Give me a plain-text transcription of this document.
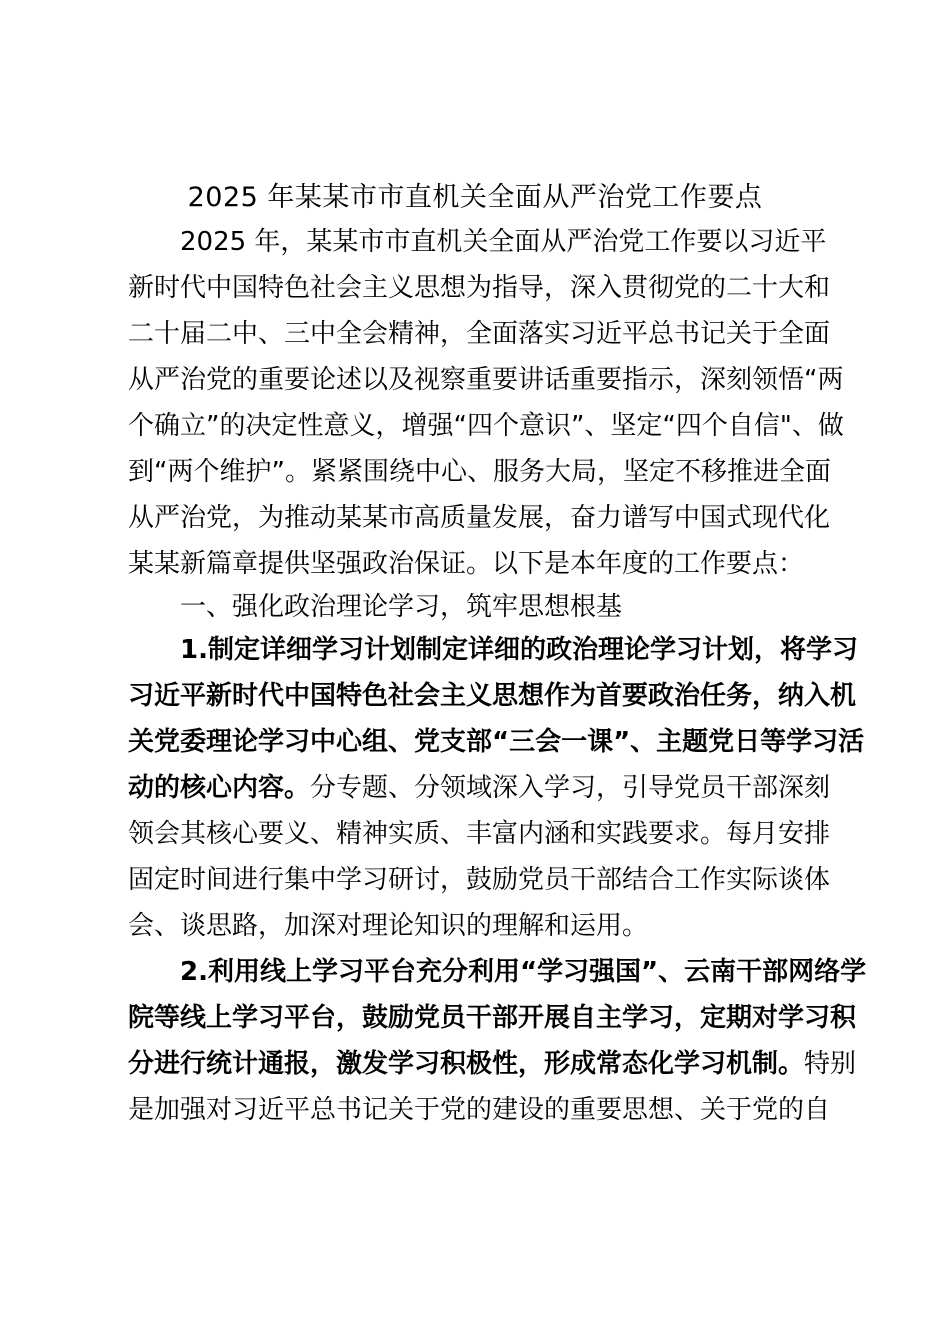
2025 年某某市市直机关全面从严治党工作要点
2025 年，某某市市直机关全面从严治党工作要以习近平
新时代中国特色社会主义思想为指导，深入贯彻党的二十大和
二十届二中、三中全会精神，全面落实习近平总书记关于全面
从严治党的重要论述以及视察重要讲话重要指示，深刻领悟“两
个确立”的决定性意义，增强“四个意识”、坚定“四个自信"、做
到“两个维护”。紧紧围绕中心、服务大局，坚定不移推进全面
从严治党，为推动某某市高质量发展，奋力谱写中国式现代化
某某新篇章提供坚强政治保证。以下是本年度的工作要点：
一、强化政治理论学习，筑牢思想根基
1.制定详细学习计划制定详细的政治理论学习计划，将学习
习近平新时代中国特色社会主义思想作为首要政治任务，纳入机
关党委理论学习中心组、党支部“三会一课”、主题党日等学习活
动的核心内容。分专题、分领域深入学习，引导党员干部深刻
领会其核心要义、精神实质、丰富内涵和实践要求。每月安排
固定时间进行集中学习研讨，鼓励党员干部结合工作实际谈体
会、谈思路，加深对理论知识的理解和运用。
2.利用线上学习平台充分利用“学习强国”、云南干部网络学
院等线上学习平台，鼓励党员干部开展自主学习，定期对学习积
分进行统计通报，激发学习积极性，形成常态化学习机制。特别
是加强对习近平总书记关于党的建设的重要思想、关于党的自
